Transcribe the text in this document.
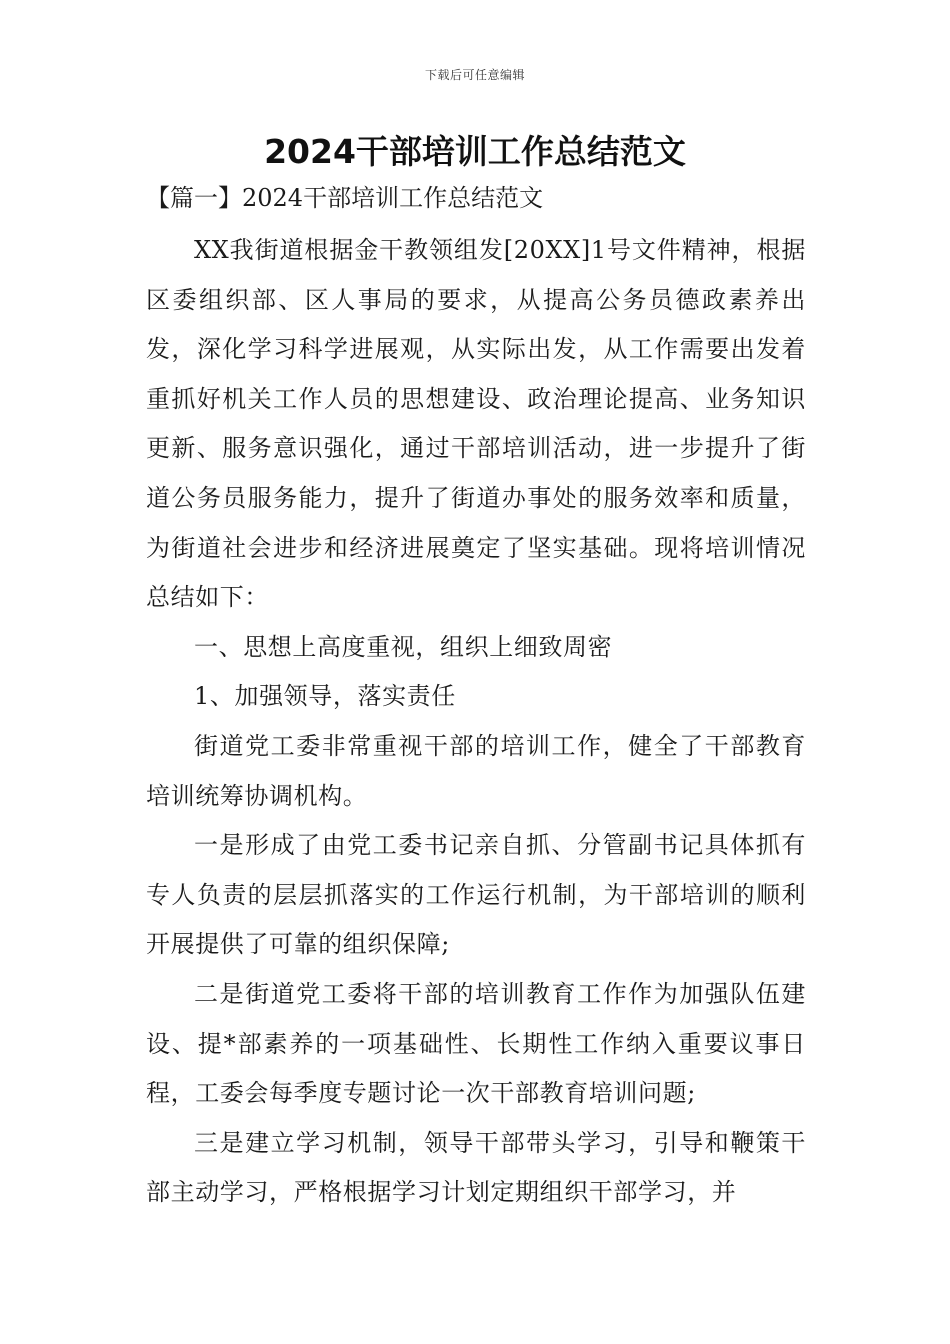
下载后可任意编辑
2024干部培训工作总结范文
【篇一】2024干部培训工作总结范文

XX我街道根据金干教领组发[20XX]1号文件精神，根据区委组织部、区人事局的要求，从提高公务员德政素养出发，深化学习科学进展观，从实际出发，从工作需要出发着重抓好机关工作人员的思想建设、政治理论提高、业务知识更新、服务意识强化，通过干部培训活动，进一步提升了街道公务员服务能力，提升了街道办事处的服务效率和质量，为街道社会进步和经济进展奠定了坚实基础。现将培训情况总结如下：

一、思想上高度重视，组织上细致周密

1、加强领导，落实责任

街道党工委非常重视干部的培训工作，健全了干部教育培训统筹协调机构。

一是形成了由党工委书记亲自抓、分管副书记具体抓有专人负责的层层抓落实的工作运行机制，为干部培训的顺利开展提供了可靠的组织保障;

二是街道党工委将干部的培训教育工作作为加强队伍建设、提*部素养的一项基础性、长期性工作纳入重要议事日程，工委会每季度专题讨论一次干部教育培训问题;

三是建立学习机制，领导干部带头学习，引导和鞭策干部主动学习，严格根据学习计划定期组织干部学习，并
